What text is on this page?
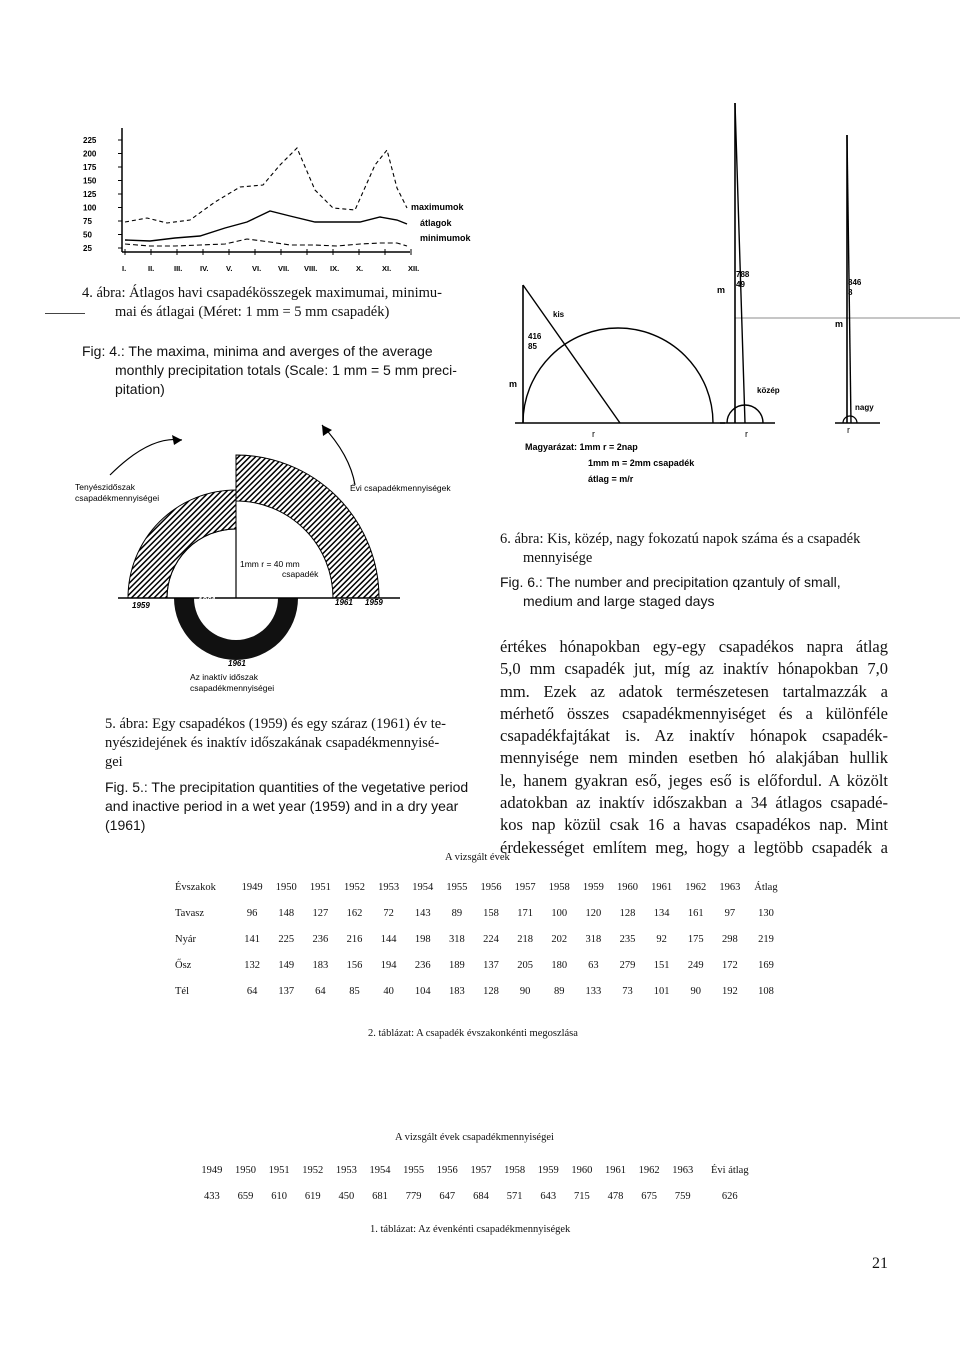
225
200
175
150
125
100
75
50
25
I.	II.	III. IV. V.	VI. VII. VIII. IX. X.	XI. XII.
maximumok
átlagok
minimumok
4. ábra: Átlagos havi csapadékösszegek maximumai, minimu-
mai és átlagai (Méret: 1 mm = 5 mm csapadék)
Fig: 4.: The maxima, minima and averges of the average
monthly precipitation totals (Scale: 1 mm = 5 mm preci-
pitation)
kis
416
85
m
r
788
49
m
közép
r
846
8
m
nagy
r
Magyarázat: 1mm r = 2nap
1mm m = 2mm csapadék
átlag = m/r
6. ábra: Kis, közép, nagy fokozatú napok száma és a csapadék
mennyisége
Fig. 6.: The number and precipitation qzantuly of small,
medium and large staged days
Tenyészidőszak
csapadékmennyiségei
Évi csapadékmennyiségek
1mm r = 40 mm
csapadék
1959
1961	1961 1959
1959
1961
Az inaktív időszak
csapadékmennyiségei
5. ábra: Egy csapadékos (1959) és egy száraz (1961) év te-
nyészidejének és inaktív időszakának csapadékmennyisé-
gei
Fig. 5.: The precipitation quantities of the vegetative period
and inactive period in a wet year (1959) and in a dry year
(1961)
értékes hónapokban egy-egy csapadékos napra átlag
5,0 mm csapadék jut, míg az inaktív hónapokban 7,0
mm. Ezek az adatok természetesen tartalmazzák a
mérhető összes csapadékmennyiséget és a különféle
csapadékfajtákat is. Az inaktív hónapok csapadék-
mennyisége nem minden esetben hó alakjában hullik
le, hanem gyakran eső, jeges eső is előfordul. A közölt
adatokban az inaktív időszakban a 34 átlagos csapadé-
kos nap közül csak 16 a havas csapadékos nap. Mint
érdekességet említem meg, hogy a legtöbb csapadék a
A vizsgált évek
Évszakok	1949	1950	1951	1952	1953	1954	1955	1956	1957	1958	1959	1960	1961	1962	1963	Átlag
Tavasz	96	148	127	162	72	143	89	158	171	100	120	128	134	161	97	130
Nyár	141	225	236	216	144	198	318	224	218	202	318	235	92	175	298	219
Ősz	132	149	183	156	194	236	189	137	205	180	63	279	151	249	172	169
Tél	64	137	64	85	40	104	183	128	90	89	133	73	101	90	192	108
2. táblázat: A csapadék évszakonkénti megoszlása
A vizsgált évek csapadékmennyiségei
1949	1950	1951	1952	1953	1954	1955	1956	1957	1958	1959	1960	1961	1962	1963	Évi átlag
433	659	610	619	450	681	779	647	684	571	643	715	478	675	759	626
1. táblázat: Az évenkénti csapadékmennyiségek
21
